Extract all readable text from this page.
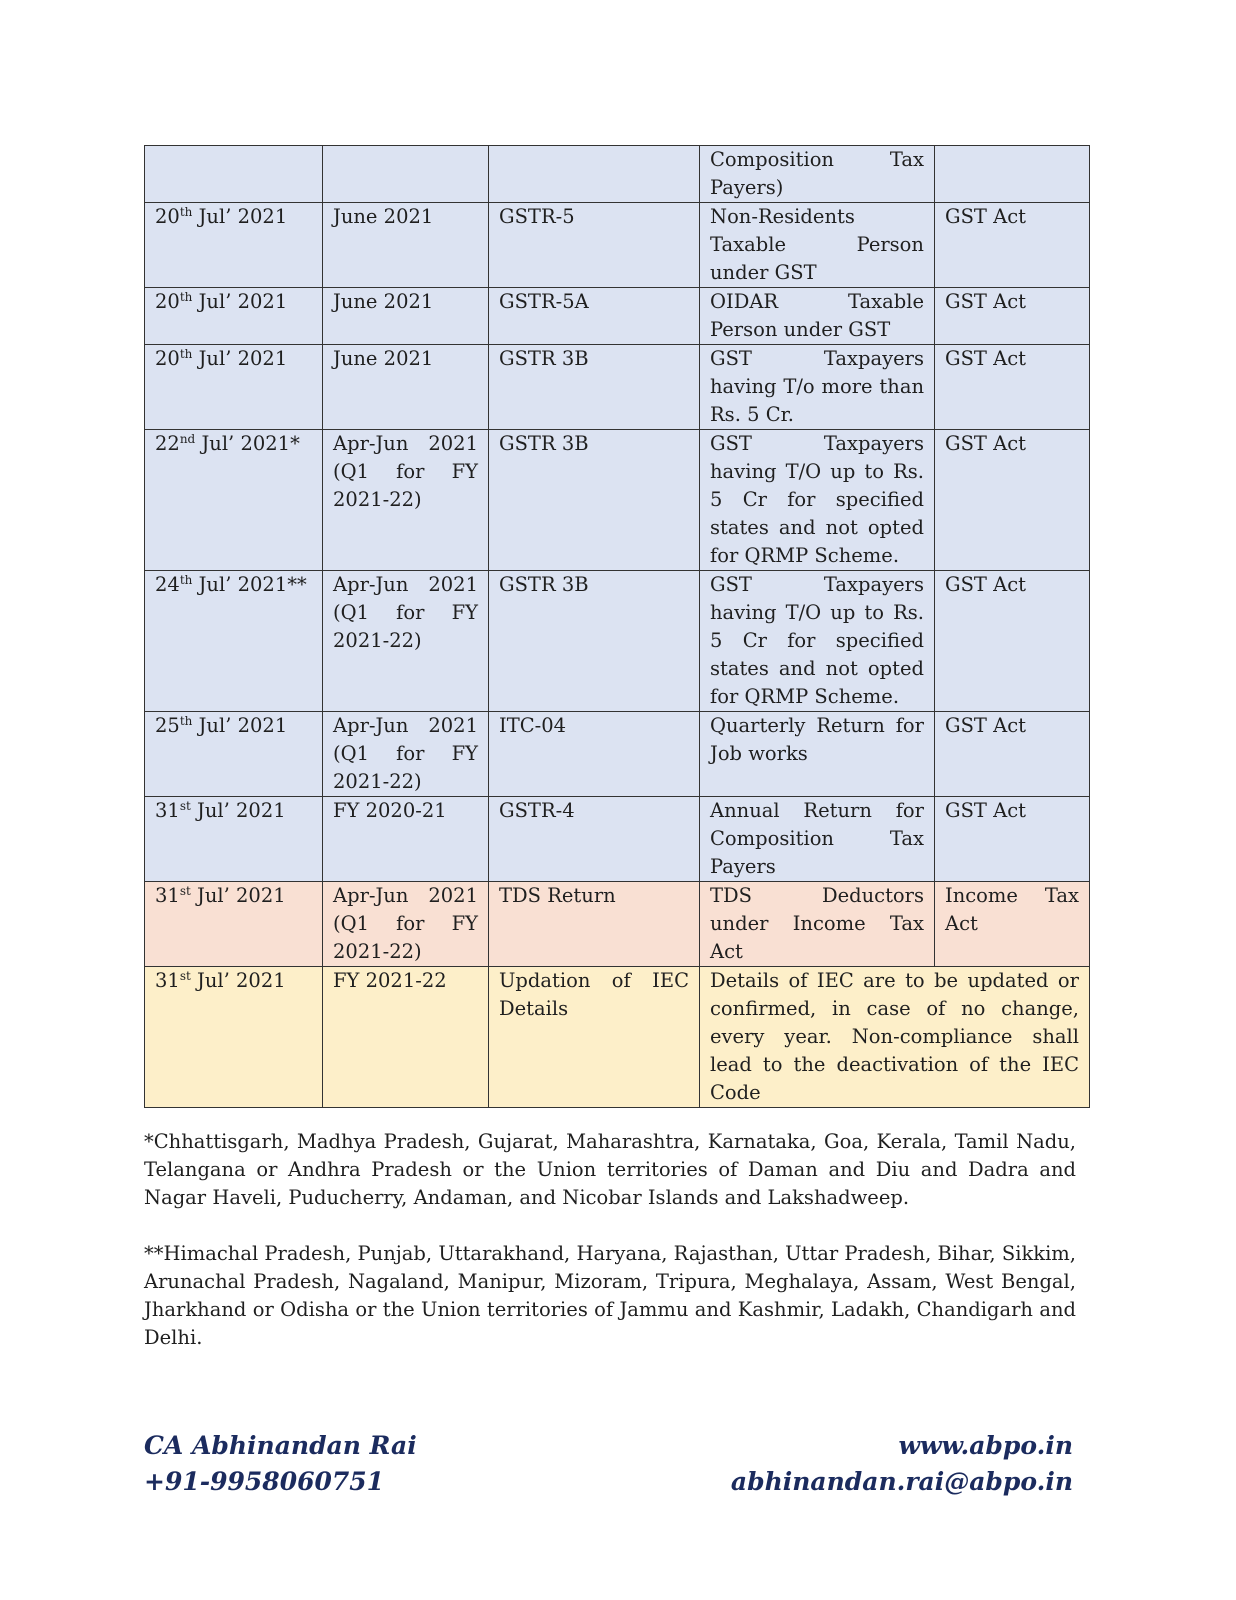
			Composition Tax Payers)	
20th Jul’ 2021	June 2021	GSTR-5	Non-Residents Taxable Person under GST	GST Act
20th Jul’ 2021	June 2021	GSTR-5A	OIDAR Taxable Person under GST	GST Act
20th Jul’ 2021	June 2021	GSTR 3B	GST Taxpayers having T/o more than Rs. 5 Cr.	GST Act
22nd Jul’ 2021*	Apr-Jun 2021 (Q1 for FY 2021-22)	GSTR 3B	GST Taxpayers having T/O up to Rs. 5 Cr for specified states and not opted for QRMP Scheme.	GST Act
24th Jul’ 2021**	Apr-Jun 2021 (Q1 for FY 2021-22)	GSTR 3B	GST Taxpayers having T/O up to Rs. 5 Cr for specified states and not opted for QRMP Scheme.	GST Act
25th Jul’ 2021	Apr-Jun 2021 (Q1 for FY 2021-22)	ITC-04	Quarterly Return for Job works	GST Act
31st Jul’ 2021	FY 2020-21	GSTR-4	Annual Return for Composition Tax Payers	GST Act
31st Jul’ 2021	Apr-Jun 2021 (Q1 for FY 2021-22)	TDS Return	TDS Deductors under Income Tax Act	Income Tax Act
31st Jul’ 2021	FY 2021-22	Updation of IEC Details	Details of IEC are to be updated or confirmed, in case of no change, every year. Non-compliance shall lead to the deactivation of the IEC Code	

*Chhattisgarh, Madhya Pradesh, Gujarat, Maharashtra, Karnataka, Goa, Kerala, Tamil Nadu, Telangana or Andhra Pradesh or the Union territories of Daman and Diu and Dadra and Nagar Haveli, Puducherry, Andaman, and Nicobar Islands and Lakshadweep.

**Himachal Pradesh, Punjab, Uttarakhand, Haryana, Rajasthan, Uttar Pradesh, Bihar, Sikkim, Arunachal Pradesh, Nagaland, Manipur, Mizoram, Tripura, Meghalaya, Assam, West Bengal, Jharkhand or Odisha or the Union territories of Jammu and Kashmir, Ladakh, Chandigarh and Delhi.

CA Abhinandan Rai
+91-9958060751
www.abpo.in
abhinandan.rai@abpo.in
